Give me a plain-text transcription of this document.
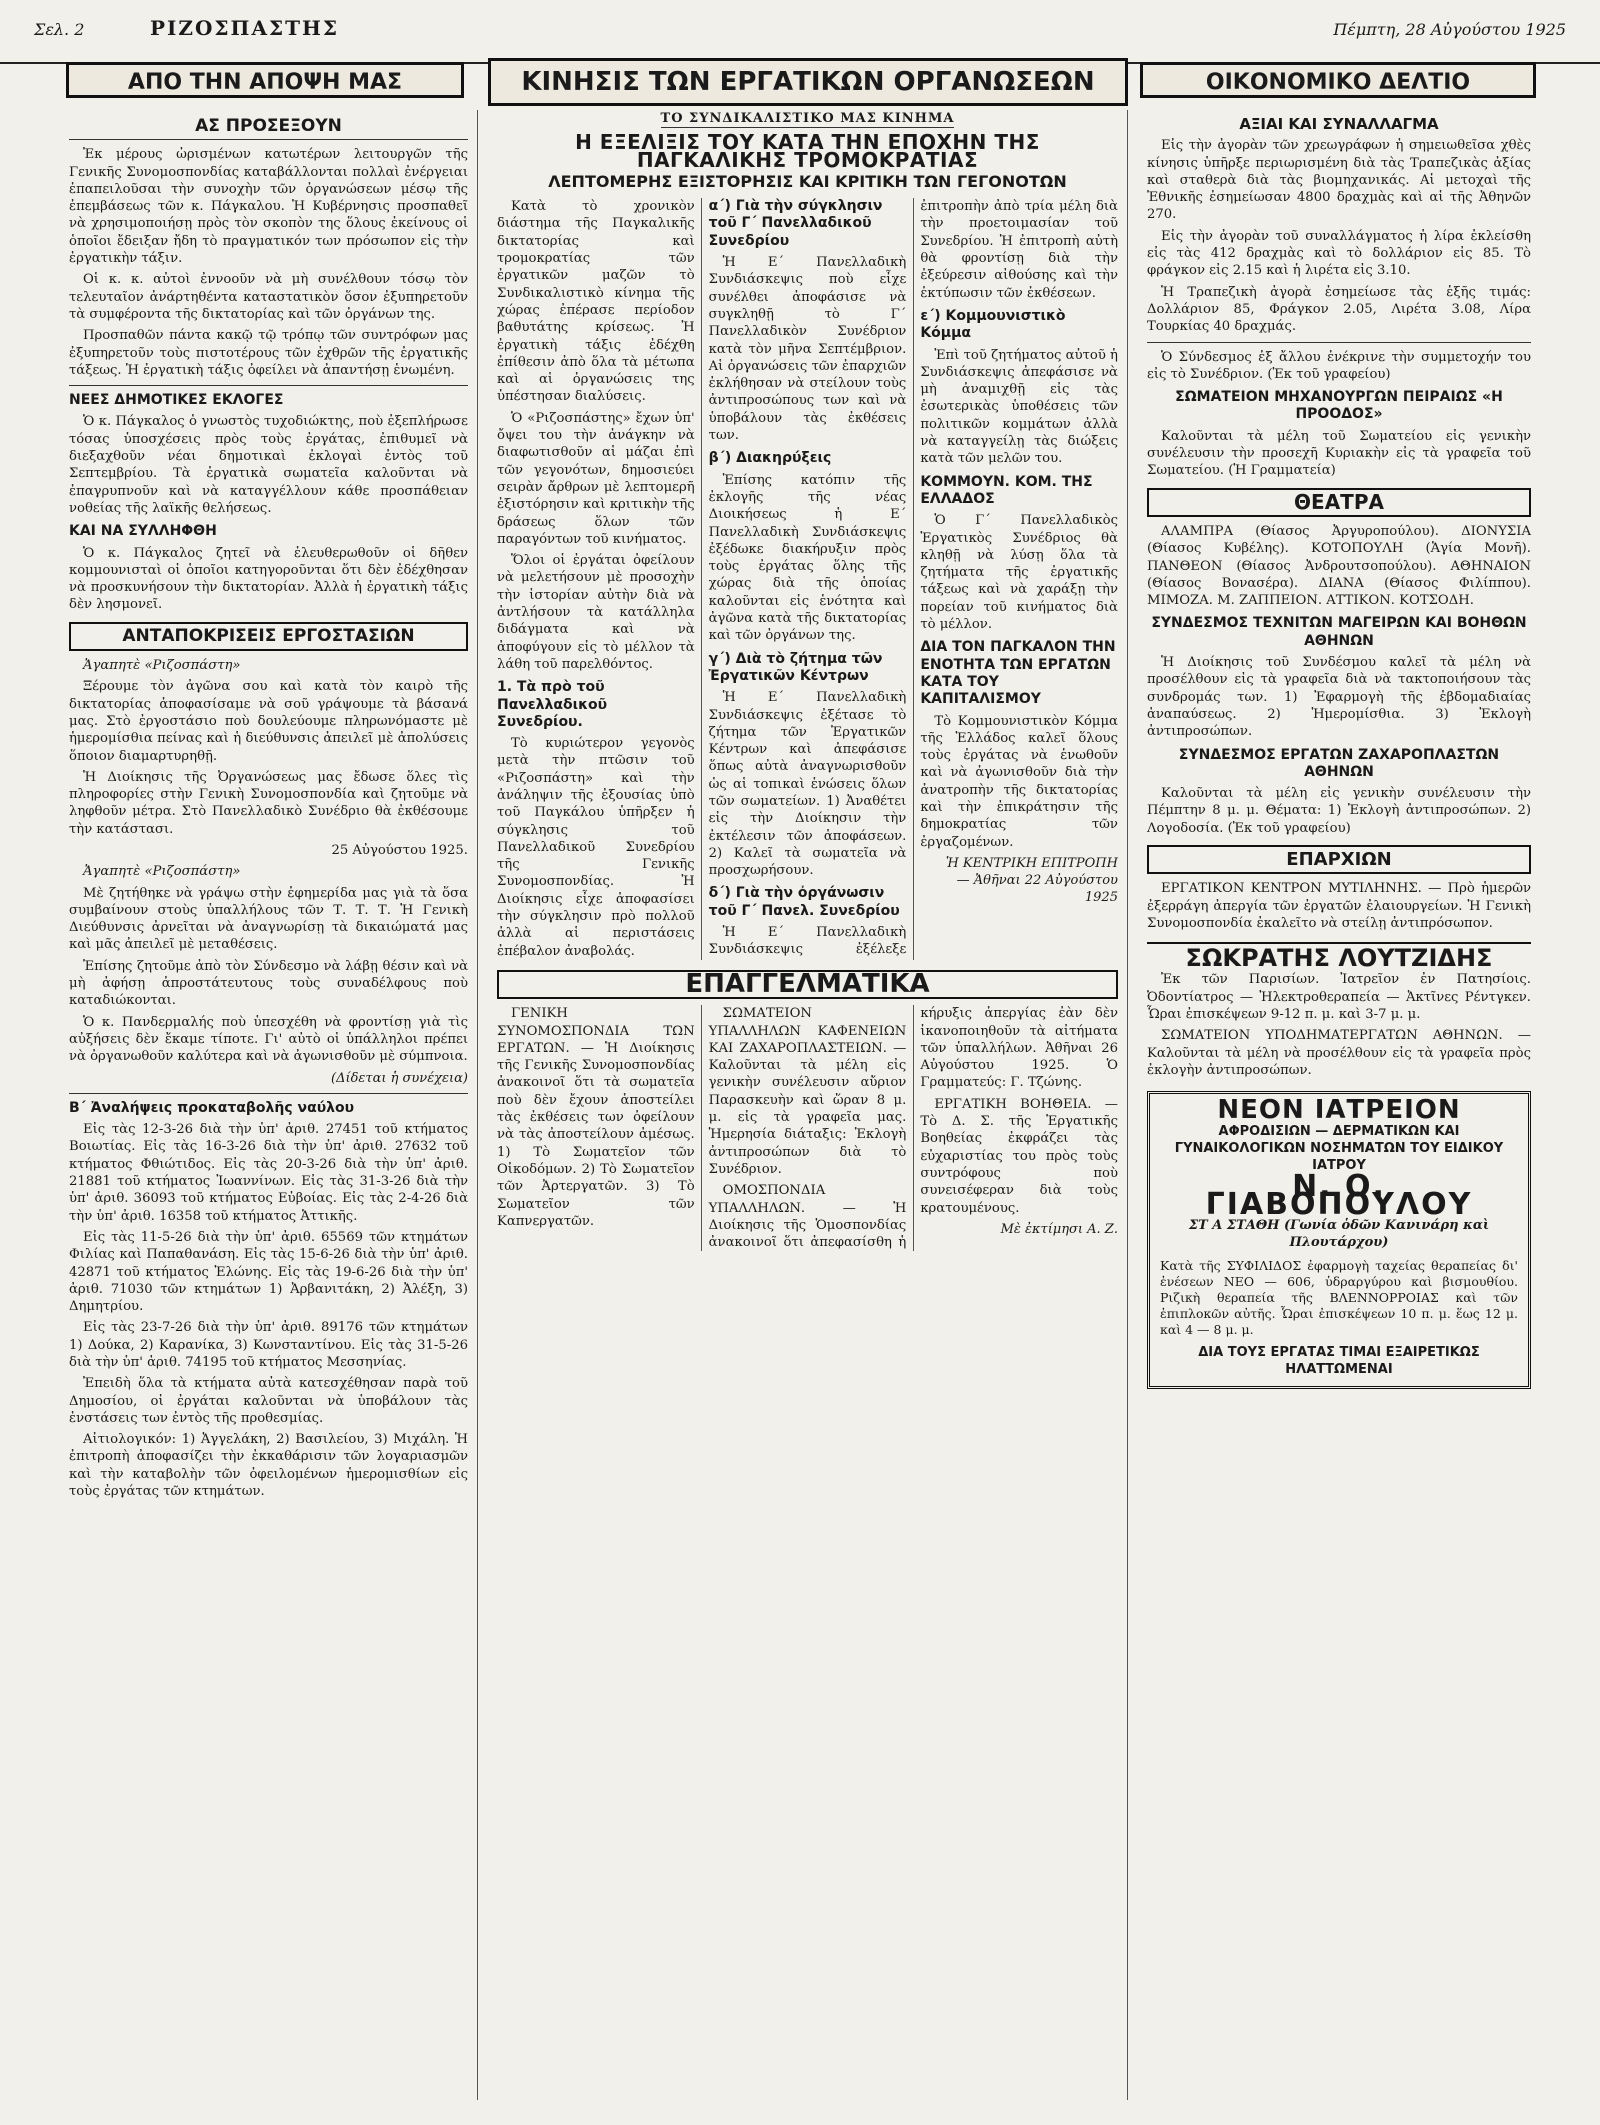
Σελ. 2	ΡΙΖΟΣΠΑΣΤΗΣ	Πέμπτη, 28 Αὐγούστου 1925
ΑΠΟ ΤΗΝ ΑΠΟΨΗ ΜΑΣ	ΚΙΝΗΣΙΣ ΤΩΝ ΕΡΓΑΤΙΚΩΝ ΟΡΓΑΝΩΣΕΩΝ	ΟΙΚΟΝΟΜΙΚΟ ΔΕΛΤΙΟ
ΑΣ ΠΡΟΣΕΞΟΥΝ

Ἐκ μέρους ὠρισμένων κατωτέρων λειτουργῶν τῆς Γενικῆς Συνομοσπονδίας καταβάλλονται πολλαὶ ἐνέργειαι ἐπαπειλοῦσαι τὴν συνοχὴν τῶν ὀργανώσεων μέσῳ τῆς ἐπεμβάσεως τῶν κ. Πάγκαλου. Ἡ Κυβέρνησις προσπαθεῖ νὰ χρησιμοποιήσῃ πρὸς τὸν σκοπὸν της ὅλους ἐκείνους οἱ ὁποῖοι ἔδειξαν ἤδη τὸ πραγματικόν των πρόσωπον εἰς τὴν ἐργατικὴν τάξιν.

Οἱ κ. κ. αὐτοὶ ἐννοοῦν νὰ μὴ συνέλθουν τόσῳ τὸν τελευταῖον ἀνάρτηθέντα καταστατικὸν ὅσον ἐξυπηρετοῦν τὰ συμφέροντα τῆς δικτατορίας καὶ τῶν ὀργάνων της.

Προσπαθῶν πάντα κακῷ τῷ τρόπῳ τῶν συντρόφων μας ἐξυπηρετοῦν τοὺς πιστοτέρους τῶν ἐχθρῶν τῆς ἐργατικῆς τάξεως. Ἡ ἐργατικὴ τάξις ὀφείλει νὰ ἀπαντήσῃ ἑνωμένη.

ΝΕΕΣ ΔΗΜΟΤΙΚΕΣ ΕΚΛΟΓΕΣ

Ὁ κ. Πάγκαλος ὁ γνωστὸς τυχοδιώκτης, ποὺ ἐξεπλήρωσε τόσας ὑποσχέσεις πρὸς τοὺς ἐργάτας, ἐπιθυμεῖ νὰ διεξαχθοῦν νέαι δημοτικαὶ ἐκλογαὶ ἐντὸς τοῦ Σεπτεμβρίου. Τὰ ἐργατικὰ σωματεῖα καλοῦνται νὰ ἐπαγρυπνοῦν καὶ νὰ καταγγέλλουν κάθε προσπάθειαν νοθείας τῆς λαϊκῆς θελήσεως.

ΚΑΙ ΝΑ ΣΥΛΛΗΦΘΗ

Ὁ κ. Πάγκαλος ζητεῖ νὰ ἐλευθερωθοῦν οἱ δῆθεν κομμουνισταὶ οἱ ὁποῖοι κατηγοροῦνται ὅτι δὲν ἐδέχθησαν νὰ προσκυνήσουν τὴν δικτατορίαν. Ἀλλὰ ἡ ἐργατικὴ τάξις δὲν λησμονεῖ.

ΑΝΤΑΠΟΚΡΙΣΕΙΣ ΕΡΓΟΣΤΑΣΙΩΝ

Ἀγαπητὲ «Ριζοσπάστη»

Ξέρουμε τὸν ἀγῶνα σου καὶ κατὰ τὸν καιρὸ τῆς δικτατορίας ἀποφασίσαμε νὰ σοῦ γράψουμε τὰ βάσανά μας. Στὸ ἐργοστάσιο ποὺ δουλεύουμε πληρωνόμαστε μὲ ἡμερομίσθια πείνας καὶ ἡ διεύθυνσις ἀπειλεῖ μὲ ἀπολύσεις ὅποιον διαμαρτυρηθῇ.

Ἡ Διοίκησις τῆς Ὀργανώσεως μας ἔδωσε ὅλες τὶς πληροφορίες στὴν Γενικὴ Συνομοσπονδία καὶ ζητοῦμε νὰ ληφθοῦν μέτρα. Στὸ Πανελλαδικὸ Συνέδριο θὰ ἐκθέσουμε τὴν κατάστασι.

25 Αὐγούστου 1925.

Ἀγαπητὲ «Ριζοσπάστη»

Μὲ ζητήθηκε νὰ γράψω στὴν ἐφημερίδα μας γιὰ τὰ ὅσα συμβαίνουν στοὺς ὑπαλλήλους τῶν Τ. Τ. Τ. Ἡ Γενικὴ Διεύθυνσις ἀρνεῖται νὰ ἀναγνωρίσῃ τὰ δικαιώματά μας καὶ μᾶς ἀπειλεῖ μὲ μεταθέσεις.

Ἐπίσης ζητοῦμε ἀπὸ τὸν Σύνδεσμο νὰ λάβῃ θέσιν καὶ νὰ μὴ ἀφήσῃ ἀπροστάτευτους τοὺς συναδέλφους ποὺ καταδιώκονται.

Ὁ κ. Πανδερμαλής ποὺ ὑπεσχέθη νὰ φροντίσῃ γιὰ τὶς αὐξήσεις δὲν ἔκαμε τίποτε. Γι' αὐτὸ οἱ ὑπάλληλοι πρέπει νὰ ὀργανωθοῦν καλύτερα καὶ νὰ ἀγωνισθοῦν μὲ σύμπνοια.

(Δίδεται ἡ συνέχεια)

Β΄ Ἀναλήψεις προκαταβολῆς ναύλου

Εἰς τὰς 12-3-26 διὰ τὴν ὑπ' ἀριθ. 27451 τοῦ κτήματος Βοιωτίας. Εἰς τὰς 16-3-26 διὰ τὴν ὑπ' ἀριθ. 27632 τοῦ κτήματος Φθιώτιδος. Εἰς τὰς 20-3-26 διὰ τὴν ὑπ' ἀριθ. 21881 τοῦ κτήματος Ἰωαννίνων. Εἰς τὰς 31-3-26 διὰ τὴν ὑπ' ἀριθ. 36093 τοῦ κτήματος Εὐβοίας. Εἰς τὰς 2-4-26 διὰ τὴν ὑπ' ἀριθ. 16358 τοῦ κτήματος Ἀττικῆς.

Εἰς τὰς 11-5-26 διὰ τὴν ὑπ' ἀριθ. 65569 τῶν κτημάτων Φιλίας καὶ Παπαθανάση. Εἰς τὰς 15-6-26 διὰ τὴν ὑπ' ἀριθ. 42871 τοῦ κτήματος Ἑλώνης. Εἰς τὰς 19-6-26 διὰ τὴν ὑπ' ἀριθ. 71030 τῶν κτημάτων 1) Ἀρβανιτάκη, 2) Ἀλέξη, 3) Δημητρίου.

Εἰς τὰς 23-7-26 διὰ τὴν ὑπ' ἀριθ. 89176 τῶν κτημάτων 1) Δούκα, 2) Καρανίκα, 3) Κωνσταντίνου. Εἰς τὰς 31-5-26 διὰ τὴν ὑπ' ἀριθ. 74195 τοῦ κτήματος Μεσσηνίας.

Ἐπειδὴ ὅλα τὰ κτήματα αὐτὰ κατεσχέθησαν παρὰ τοῦ Δημοσίου, οἱ ἐργάται καλοῦνται νὰ ὑποβάλουν τὰς ἐνστάσεις των ἐντὸς τῆς προθεσμίας.

Αἰτιολογικόν: 1) Ἀγγελάκη, 2) Βασιλείου, 3) Μιχάλη. Ἡ ἐπιτροπὴ ἀποφασίζει τὴν ἐκκαθάρισιν τῶν λογαριασμῶν καὶ τὴν καταβολὴν τῶν ὀφειλομένων ἡμερομισθίων εἰς τοὺς ἐργάτας τῶν κτημάτων.

ΤΟ ΣΥΝΔΙΚΑΛΙΣΤΙΚΟ ΜΑΣ ΚΙΝΗΜΑ
Η ΕΞΕΛΙΞΙΣ ΤΟΥ ΚΑΤΑ ΤΗΝ ΕΠΟΧΗΝ ΤΗΣ ΠΑΓΚΑΛΙΚΗΣ ΤΡΟΜΟΚΡΑΤΙΑΣ
ΛΕΠΤΟΜΕΡΗΣ ΕΞΙΣΤΟΡΗΣΙΣ ΚΑΙ ΚΡΙΤΙΚΗ ΤΩΝ ΓΕΓΟΝΟΤΩΝ

Κατὰ τὸ χρονικὸν διάστημα τῆς Παγκαλικῆς δικτατορίας καὶ τρομοκρατίας τῶν ἐργατικῶν μαζῶν τὸ Συνδικαλιστικὸ κίνημα τῆς χώρας ἐπέρασε περίοδον βαθυτάτης κρίσεως. Ἡ ἐργατικὴ τάξις ἐδέχθη ἐπίθεσιν ἀπὸ ὅλα τὰ μέτωπα καὶ αἱ ὀργανώσεις της ὑπέστησαν διαλύσεις.

Ὁ «Ριζοσπάστης» ἔχων ὑπ' ὄψει του τὴν ἀνάγκην νὰ διαφωτισθοῦν αἱ μάζαι ἐπὶ τῶν γεγονότων, δημοσιεύει σειρὰν ἄρθρων μὲ λεπτομερῆ ἐξιστόρησιν καὶ κριτικὴν τῆς δράσεως ὅλων τῶν παραγόντων τοῦ κινήματος.

Ὅλοι οἱ ἐργάται ὀφείλουν νὰ μελετήσουν μὲ προσοχὴν τὴν ἱστορίαν αὐτὴν διὰ νὰ ἀντλήσουν τὰ κατάλληλα διδάγματα καὶ νὰ ἀποφύγουν εἰς τὸ μέλλον τὰ λάθη τοῦ παρελθόντος.

1. Τὰ πρὸ τοῦ Πανελλαδικοῦ Συνεδρίου.

Τὸ κυριώτερον γεγονὸς μετὰ τὴν πτῶσιν τοῦ «Ριζοσπάστη» καὶ τὴν ἀνάληψιν τῆς ἐξουσίας ὑπὸ τοῦ Παγκάλου ὑπῆρξεν ἡ σύγκλησις τοῦ Πανελλαδικοῦ Συνεδρίου τῆς Γενικῆς Συνομοσπονδίας. Ἡ Διοίκησις εἶχε ἀποφασίσει τὴν σύγκλησιν πρὸ πολλοῦ ἀλλὰ αἱ περιστάσεις ἐπέβαλον ἀναβολάς.

α΄) Γιὰ τὴν σύγκλησιν τοῦ Γ΄ Πανελλαδικοῦ Συνεδρίου

Ἡ Ε΄ Πανελλαδικὴ Συνδιάσκεψις ποὺ εἶχε συνέλθει ἀποφάσισε νὰ συγκληθῇ τὸ Γ΄ Πανελλαδικὸν Συνέδριον κατὰ τὸν μῆνα Σεπτέμβριον. Αἱ ὀργανώσεις τῶν ἐπαρχιῶν ἐκλήθησαν νὰ στείλουν τοὺς ἀντιπροσώπους των καὶ νὰ ὑποβάλουν τὰς ἐκθέσεις των.

β΄) Διακηρύξεις

Ἐπίσης κατόπιν τῆς ἐκλογῆς τῆς νέας Διοικήσεως ἡ Ε΄ Πανελλαδικὴ Συνδιάσκεψις ἐξέδωκε διακήρυξιν πρὸς τοὺς ἐργάτας ὅλης τῆς χώρας διὰ τῆς ὁποίας καλοῦνται εἰς ἑνότητα καὶ ἀγῶνα κατὰ τῆς δικτατορίας καὶ τῶν ὀργάνων της.

γ΄) Διὰ τὸ ζήτημα τῶν Ἐργατικῶν Κέντρων

Ἡ Ε΄ Πανελλαδικὴ Συνδιάσκεψις ἐξέτασε τὸ ζήτημα τῶν Ἐργατικῶν Κέντρων καὶ ἀπεφάσισε ὅπως αὐτὰ ἀναγνωρισθοῦν ὡς αἱ τοπικαὶ ἑνώσεις ὅλων τῶν σωματείων. 1) Ἀναθέτει εἰς τὴν Διοίκησιν τὴν ἐκτέλεσιν τῶν ἀποφάσεων. 2) Καλεῖ τὰ σωματεῖα νὰ προσχωρήσουν.

δ΄) Γιὰ τὴν ὀργάνωσιν τοῦ Γ΄ Πανελ. Συνεδρίου

Ἡ Ε΄ Πανελλαδικὴ Συνδιάσκεψις ἐξέλεξε ἐπιτροπὴν ἀπὸ τρία μέλη διὰ τὴν προετοιμασίαν τοῦ Συνεδρίου. Ἡ ἐπιτροπὴ αὐτὴ θὰ φροντίσῃ διὰ τὴν ἐξεύρεσιν αἰθούσης καὶ τὴν ἐκτύπωσιν τῶν ἐκθέσεων.

ε΄) Κομμουνιστικὸ Κόμμα

Ἐπὶ τοῦ ζητήματος αὐτοῦ ἡ Συνδιάσκεψις ἀπεφάσισε νὰ μὴ ἀναμιχθῇ εἰς τὰς ἐσωτερικὰς ὑποθέσεις τῶν πολιτικῶν κομμάτων ἀλλὰ νὰ καταγγείλῃ τὰς διώξεις κατὰ τῶν μελῶν του.

ΚΟΜΜΟΥΝ. ΚΟΜ. ΤΗΣ ΕΛΛΑΔΟΣ

Ὁ Γ΄ Πανελλαδικὸς Ἐργατικὸς Συνέδριος θὰ κληθῇ νὰ λύσῃ ὅλα τὰ ζητήματα τῆς ἐργατικῆς τάξεως καὶ νὰ χαράξῃ τὴν πορείαν τοῦ κινήματος διὰ τὸ μέλλον.

ΔΙΑ ΤΟΝ ΠΑΓΚΑΛΟΝ ΤΗΝ ΕΝΟΤΗΤΑ ΤΩΝ ΕΡΓΑΤΩΝ ΚΑΤΑ ΤΟΥ ΚΑΠΙΤΑΛΙΣΜΟΥ

Τὸ Κομμουνιστικὸν Κόμμα τῆς Ἑλλάδος καλεῖ ὅλους τοὺς ἐργάτας νὰ ἑνωθοῦν καὶ νὰ ἀγωνισθοῦν διὰ τὴν ἀνατροπὴν τῆς δικτατορίας καὶ τὴν ἐπικράτησιν τῆς δημοκρατίας τῶν ἐργαζομένων.

Ἡ ΚΕΝΤΡΙΚΗ ΕΠΙΤΡΟΠΗ — Ἀθῆναι 22 Αὐγούστου 1925

ΕΠΑΓΓΕΛΜΑΤΙΚΑ

ΓΕΝΙΚΗ ΣΥΝΟΜΟΣΠΟΝΔΙΑ ΤΩΝ ΕΡΓΑΤΩΝ. — Ἡ Διοίκησις τῆς Γενικῆς Συνομοσπονδίας ἀνακοινοῖ ὅτι τὰ σωματεῖα ποὺ δὲν ἔχουν ἀποστείλει τὰς ἐκθέσεις των ὀφείλουν νὰ τὰς ἀποστείλουν ἀμέσως. 1) Τὸ Σωματεῖον τῶν Οἰκοδόμων. 2) Τὸ Σωματεῖον τῶν Ἀρτεργατῶν. 3) Τὸ Σωματεῖον τῶν Καπνεργατῶν.

ΣΩΜΑΤΕΙΟΝ ΥΠΑΛΛΗΛΩΝ ΚΑΦΕΝΕΙΩΝ ΚΑΙ ΖΑΧΑΡΟΠΛΑΣΤΕΙΩΝ. — Καλοῦνται τὰ μέλη εἰς γενικὴν συνέλευσιν αὔριον Παρασκευὴν καὶ ὥραν 8 μ. μ. εἰς τὰ γραφεῖα μας. Ἡμερησία διάταξις: Ἐκλογὴ ἀντιπροσώπων διὰ τὸ Συνέδριον.

ΟΜΟΣΠΟΝΔΙΑ ΥΠΑΛΛΗΛΩΝ. — Ἡ Διοίκησις τῆς Ὁμοσπονδίας ἀνακοινοῖ ὅτι ἀπεφασίσθη ἡ κήρυξις ἀπεργίας ἐὰν δὲν ἱκανοποιηθοῦν τὰ αἰτήματα τῶν ὑπαλλήλων. Ἀθῆναι 26 Αὐγούστου 1925. Ὁ Γραμματεύς: Γ. Τζώνης.

ΕΡΓΑΤΙΚΗ ΒΟΗΘΕΙΑ. — Τὸ Δ. Σ. τῆς Ἐργατικῆς Βοηθείας ἐκφράζει τὰς εὐχαριστίας του πρὸς τοὺς συντρόφους ποὺ συνεισέφεραν διὰ τοὺς κρατουμένους.

Μὲ ἐκτίμησι Α. Ζ.

ΑΞΙΑΙ ΚΑΙ ΣΥΝΑΛΛΑΓΜΑ

Εἰς τὴν ἀγορὰν τῶν χρεωγράφων ἡ σημειωθεῖσα χθὲς κίνησις ὑπῆρξε περιωρισμένη διὰ τὰς Τραπεζικὰς ἀξίας καὶ σταθερὰ διὰ τὰς βιομηχανικάς. Αἱ μετοχαὶ τῆς Ἐθνικῆς ἐσημείωσαν 4800 δραχμὰς καὶ αἱ τῆς Ἀθηνῶν 270.

Εἰς τὴν ἀγορὰν τοῦ συναλλάγματος ἡ λίρα ἐκλείσθη εἰς τὰς 412 δραχμὰς καὶ τὸ δολλάριον εἰς 85. Τὸ φράγκον εἰς 2.15 καὶ ἡ λιρέτα εἰς 3.10.

Ἡ Τραπεζικὴ ἀγορὰ ἐσημείωσε τὰς ἑξῆς τιμάς: Δολλάριον 85, Φράγκον 2.05, Λιρέτα 3.08, Λίρα Τουρκίας 40 δραχμάς.

Ὁ Σύνδεσμος ἐξ ἄλλου ἐνέκρινε τὴν συμμετοχήν του εἰς τὸ Συνέδριον. (Ἐκ τοῦ γραφείου)

ΣΩΜΑΤΕΙΟΝ ΜΗΧΑΝΟΥΡΓΩΝ ΠΕΙΡΑΙΩΣ «Η ΠΡΟΟΔΟΣ»

Καλοῦνται τὰ μέλη τοῦ Σωματείου εἰς γενικὴν συνέλευσιν τὴν προσεχῆ Κυριακὴν εἰς τὰ γραφεῖα τοῦ Σωματείου. (Ἡ Γραμματεία)

ΘΕΑΤΡΑ

ΑΛΑΜΠΡΑ (Θίασος Ἀργυροπούλου). ΔΙΟΝΥΣΙΑ (Θίασος Κυβέλης). ΚΟΤΟΠΟΥΛΗ (Ἁγία Μονῆ). ΠΑΝΘΕΟΝ (Θίασος Ἀνδρουτσοπούλου). ΑΘΗΝΑΙΟΝ (Θίασος Βονασέρα). ΔΙΑΝΑ (Θίασος Φιλίππου). ΜΙΜΟΖΑ. Μ. ΖΑΠΠΕΙΟΝ. ΑΤΤΙΚΟΝ. ΚΟΤΣΟΔΗ.

ΣΥΝΔΕΣΜΟΣ ΤΕΧΝΙΤΩΝ ΜΑΓΕΙΡΩΝ ΚΑΙ ΒΟΗΘΩΝ ΑΘΗΝΩΝ

Ἡ Διοίκησις τοῦ Συνδέσμου καλεῖ τὰ μέλη νὰ προσέλθουν εἰς τὰ γραφεῖα διὰ νὰ τακτοποιήσουν τὰς συνδρομάς των. 1) Ἐφαρμογὴ τῆς ἑβδομαδιαίας ἀναπαύσεως. 2) Ἡμερομίσθια. 3) Ἐκλογὴ ἀντιπροσώπων.

ΣΥΝΔΕΣΜΟΣ ΕΡΓΑΤΩΝ ΖΑΧΑΡΟΠΛΑΣΤΩΝ ΑΘΗΝΩΝ

Καλοῦνται τὰ μέλη εἰς γενικὴν συνέλευσιν τὴν Πέμπτην 8 μ. μ. Θέματα: 1) Ἐκλογὴ ἀντιπροσώπων. 2) Λογοδοσία. (Ἐκ τοῦ γραφείου)

ΕΠΑΡΧΙΩΝ

ΕΡΓΑΤΙΚΟΝ ΚΕΝΤΡΟΝ ΜΥΤΙΛΗΝΗΣ. — Πρὸ ἡμερῶν ἐξερράγη ἀπεργία τῶν ἐργατῶν ἐλαιουργείων. Ἡ Γενικὴ Συνομοσπονδία ἐκαλεῖτο νὰ στείλῃ ἀντιπρόσωπον.

ΣΩΚΡΑΤΗΣ ΛΟΥΤΖΙΔΗΣ

Ἐκ τῶν Παρισίων. Ἰατρεῖον ἐν Πατησίοις. Ὀδοντίατρος — Ἠλεκτροθεραπεία — Ἀκτῖνες Ρέντγκεν. Ὧραι ἐπισκέψεων 9-12 π. μ. καὶ 3-7 μ. μ.

ΣΩΜΑΤΕΙΟΝ ΥΠΟΔΗΜΑΤΕΡΓΑΤΩΝ ΑΘΗΝΩΝ. — Καλοῦνται τὰ μέλη νὰ προσέλθουν εἰς τὰ γραφεῖα πρὸς ἐκλογὴν ἀντιπροσώπων.

ΝΕΟΝ ΙΑΤΡΕΙΟΝ
ΑΦΡΟΔΙΣΙΩΝ — ΔΕΡΜΑΤΙΚΩΝ ΚΑΙ ΓΥΝΑΙΚΟΛΟΓΙΚΩΝ ΝΟΣΗΜΑΤΩΝ ΤΟΥ ΕΙΔΙΚΟΥ ΙΑΤΡΟΥ
Ν. Ο. ΓΙΑΒΟΠΟΥΛΟΥ
ΣΤ Α ΣΤΑΘΗ (Γωνία ὁδῶν Κανινάρη καὶ Πλουτάρχου)
Κατὰ τῆς ΣΥΦΙΛΙΔΟΣ ἐφαρμογὴ ταχείας θεραπείας δι' ἐνέσεων ΝΕΟ — 606, ὑδραργύρου καὶ βισμουθίου. Ριζικὴ θεραπεία τῆς ΒΛΕΝΝΟΡΡΟΙΑΣ καὶ τῶν ἐπιπλοκῶν αὐτῆς. Ὧραι ἐπισκέψεων 10 π. μ. ἕως 12 μ. καὶ 4 — 8 μ. μ.
ΔΙΑ ΤΟΥΣ ΕΡΓΑΤΑΣ ΤΙΜΑΙ ΕΞΑΙΡΕΤΙΚΩΣ ΗΛΑΤΤΩΜΕΝΑΙ
